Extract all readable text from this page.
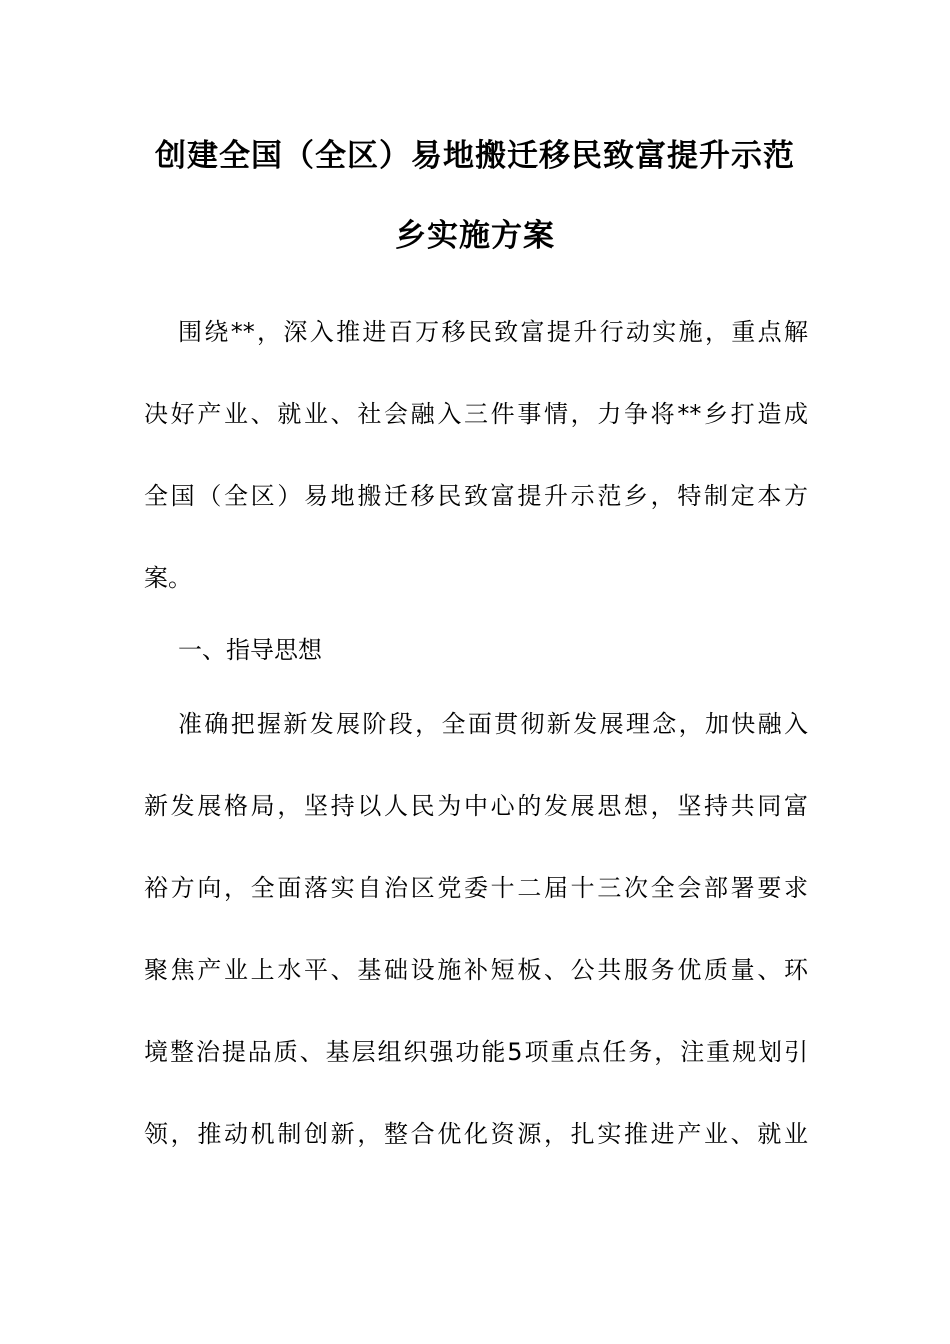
创建全国（全区）易地搬迁移民致富提升示范
乡实施方案
围绕**，深入推进百万移民致富提升行动实施，重点解
决好产业、就业、社会融入三件事情，力争将**乡打造成
全国（全区）易地搬迁移民致富提升示范乡，特制定本方
案。
一、指导思想
准确把握新发展阶段，全面贯彻新发展理念，加快融入
新发展格局，坚持以人民为中心的发展思想，坚持共同富
裕方向，全面落实自治区党委十二届十三次全会部署要求
聚焦产业上水平、基础设施补短板、公共服务优质量、环
境整治提品质、基层组织强功能5项重点任务，注重规划引
领，推动机制创新，整合优化资源，扎实推进产业、就业
